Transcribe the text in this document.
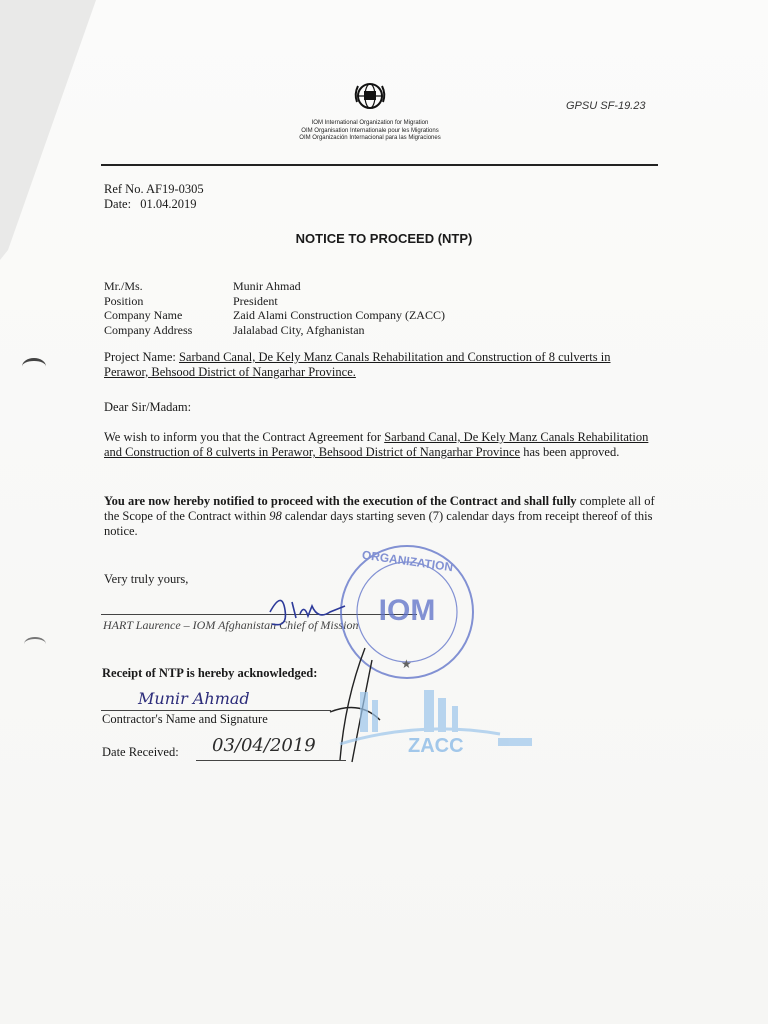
IOM International Organization for Migration
OIM Organisation Internationale pour les Migrations
OIM Organización Internacional para las Migraciones
GPSU SF-19.23
Ref No. AF19-0305
Date: 01.04.2019
NOTICE TO PROCEED (NTP)
Mr./Ms.	Munir Ahmad
Position	President
Company Name	Zaid Alami Construction Company (ZACC)
Company Address	Jalalabad City, Afghanistan
Project Name: Sarband Canal, De Kely Manz Canals Rehabilitation and Construction of 8 culverts in Perawor, Behsood District of Nangarhar Province.
Dear Sir/Madam:
We wish to inform you that the Contract Agreement for Sarband Canal, De Kely Manz Canals Rehabilitation and Construction of 8 culverts in Perawor, Behsood District of Nangarhar Province has been approved.
You are now hereby notified to proceed with the execution of the Contract and shall fully complete all of the Scope of the Contract within 98 calendar days starting seven (7) calendar days from receipt thereof of this notice.
Very truly yours,
HART Laurence – IOM Afghanistan Chief of Mission
Receipt of NTP is hereby acknowledged:
Munir Ahmad
Contractor's Name and Signature
Date Received: 03/04/2019
ORGANIZATION
IOM
★
ZACC
